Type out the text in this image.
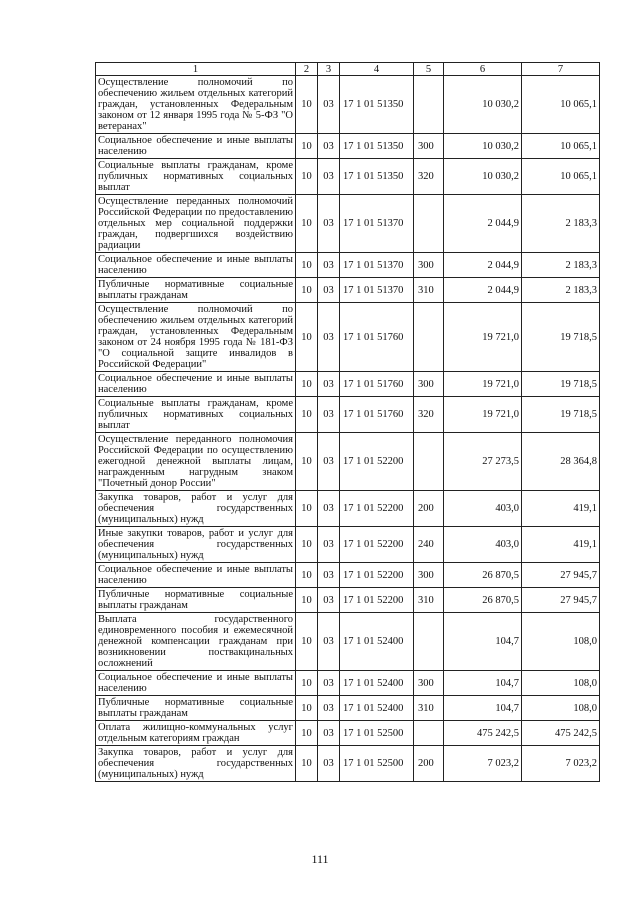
1	2	3	4	5	6	7
Осуществление полномочий по обеспечению жильем отдельных категорий граждан, установленных Федеральным законом от 12 января 1995 года № 5-ФЗ "О ветеранах"	10	03	17 1 01 51350		10 030,2	10 065,1
Социальное обеспечение и иные выплаты населению	10	03	17 1 01 51350	300	10 030,2	10 065,1
Социальные выплаты гражданам, кроме публичных нормативных социальных выплат	10	03	17 1 01 51350	320	10 030,2	10 065,1
Осуществление переданных полномочий Российской Федерации по предоставлению отдельных мер социальной поддержки граждан, подвергшихся воздействию радиации	10	03	17 1 01 51370		2 044,9	2 183,3
Социальное обеспечение и иные выплаты населению	10	03	17 1 01 51370	300	2 044,9	2 183,3
Публичные нормативные социальные выплаты гражданам	10	03	17 1 01 51370	310	2 044,9	2 183,3
Осуществление полномочий по обеспечению жильем отдельных категорий граждан, установленных Федеральным законом от 24 ноября 1995 года № 181-ФЗ "О социальной защите инвалидов в Российской Федерации"	10	03	17 1 01 51760		19 721,0	19 718,5
Социальное обеспечение и иные выплаты населению	10	03	17 1 01 51760	300	19 721,0	19 718,5
Социальные выплаты гражданам, кроме публичных нормативных социальных выплат	10	03	17 1 01 51760	320	19 721,0	19 718,5
Осуществление переданного полномочия Российской Федерации по осуществлению ежегодной денежной выплаты лицам, награжденным нагрудным знаком "Почетный донор России"	10	03	17 1 01 52200		27 273,5	28 364,8
Закупка товаров, работ и услуг для обеспечения государственных (муниципальных) нужд	10	03	17 1 01 52200	200	403,0	419,1
Иные закупки товаров, работ и услуг для обеспечения государственных (муниципальных) нужд	10	03	17 1 01 52200	240	403,0	419,1
Социальное обеспечение и иные выплаты населению	10	03	17 1 01 52200	300	26 870,5	27 945,7
Публичные нормативные социальные выплаты гражданам	10	03	17 1 01 52200	310	26 870,5	27 945,7
Выплата государственного единовременного пособия и ежемесячной денежной компенсации гражданам при возникновении поствакцинальных осложнений	10	03	17 1 01 52400		104,7	108,0
Социальное обеспечение и иные выплаты населению	10	03	17 1 01 52400	300	104,7	108,0
Публичные нормативные социальные выплаты гражданам	10	03	17 1 01 52400	310	104,7	108,0
Оплата жилищно-коммунальных услуг отдельным категориям граждан	10	03	17 1 01 52500		475 242,5	475 242,5
Закупка товаров, работ и услуг для обеспечения государственных (муниципальных) нужд	10	03	17 1 01 52500	200	7 023,2	7 023,2
111
